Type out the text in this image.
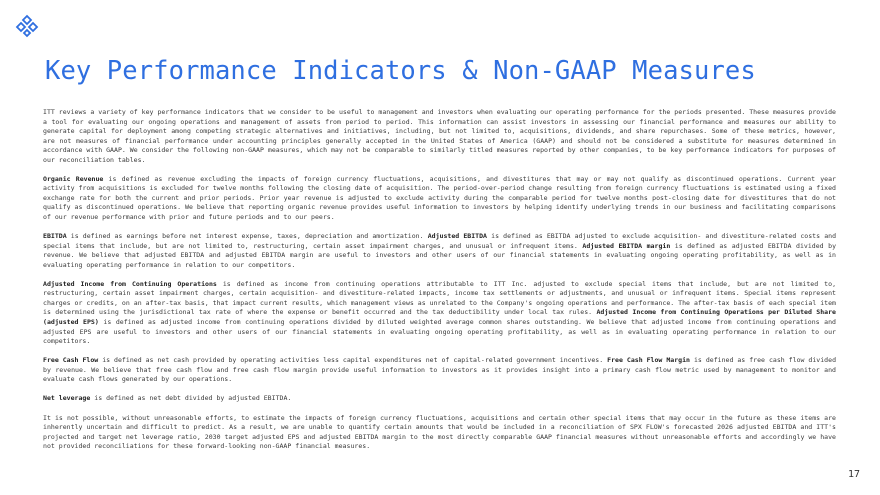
Key Performance Indicators & Non-GAAP Measures

ITT reviews a variety of key performance indicators that we consider to be useful to management and investors when evaluating our operating performance for the periods presented. These measures provide a tool for evaluating our ongoing operations and management of assets from period to period. This information can assist investors in assessing our financial performance and measures our ability to generate capital for deployment among competing strategic alternatives and initiatives, including, but not limited to, acquisitions, dividends, and share repurchases. Some of these metrics, however, are not measures of financial performance under accounting principles generally accepted in the United States of America (GAAP) and should not be considered a substitute for measures determined in accordance with GAAP. We consider the following non-GAAP measures, which may not be comparable to similarly titled measures reported by other companies, to be key performance indicators for purposes of our reconciliation tables.

Organic Revenue is defined as revenue excluding the impacts of foreign currency fluctuations, acquisitions, and divestitures that may or may not qualify as discontinued operations. Current year activity from acquisitions is excluded for twelve months following the closing date of acquisition. The period-over-period change resulting from foreign currency fluctuations is estimated using a fixed exchange rate for both the current and prior periods. Prior year revenue is adjusted to exclude activity during the comparable period for twelve months post-closing date for divestitures that do not qualify as discontinued operations. We believe that reporting organic revenue provides useful information to investors by helping identify underlying trends in our business and facilitating comparisons of our revenue performance with prior and future periods and to our peers.

EBITDA is defined as earnings before net interest expense, taxes, depreciation and amortization. Adjusted EBITDA is defined as EBITDA adjusted to exclude acquisition- and divestiture-related costs and special items that include, but are not limited to, restructuring, certain asset impairment charges, and unusual or infrequent items. Adjusted EBITDA margin is defined as adjusted EBITDA divided by revenue. We believe that adjusted EBITDA and adjusted EBITDA margin are useful to investors and other users of our financial statements in evaluating ongoing operating profitability, as well as in evaluating operating performance in relation to our competitors.

Adjusted Income from Continuing Operations is defined as income from continuing operations attributable to ITT Inc. adjusted to exclude special items that include, but are not limited to, restructuring, certain asset impairment charges, certain acquisition- and divestiture-related impacts, income tax settlements or adjustments, and unusual or infrequent items. Special items represent charges or credits, on an after-tax basis, that impact current results, which management views as unrelated to the Company's ongoing operations and performance. The after-tax basis of each special item is determined using the jurisdictional tax rate of where the expense or benefit occurred and the tax deductibility under local tax rules. Adjusted Income from Continuing Operations per Diluted Share (adjusted EPS) is defined as adjusted income from continuing operations divided by diluted weighted average common shares outstanding. We believe that adjusted income from continuing operations and adjusted EPS are useful to investors and other users of our financial statements in evaluating ongoing operating profitability, as well as in evaluating operating performance in relation to our competitors.

Free Cash Flow is defined as net cash provided by operating activities less capital expenditures net of capital-related government incentives. Free Cash Flow Margin is defined as free cash flow divided by revenue. We believe that free cash flow and free cash flow margin provide useful information to investors as it provides insight into a primary cash flow metric used by management to monitor and evaluate cash flows generated by our operations.

Net leverage is defined as net debt divided by adjusted EBITDA.

It is not possible, without unreasonable efforts, to estimate the impacts of foreign currency fluctuations, acquisitions and certain other special items that may occur in the future as these items are inherently uncertain and difficult to predict. As a result, we are unable to quantify certain amounts that would be included in a reconciliation of SPX FLOW's forecasted 2026 adjusted EBITDA and ITT's projected and target net leverage ratio, 2030 target adjusted EPS and adjusted EBITDA margin to the most directly comparable GAAP financial measures without unreasonable efforts and accordingly we have not provided reconciliations for these forward-looking non-GAAP financial measures.

17
